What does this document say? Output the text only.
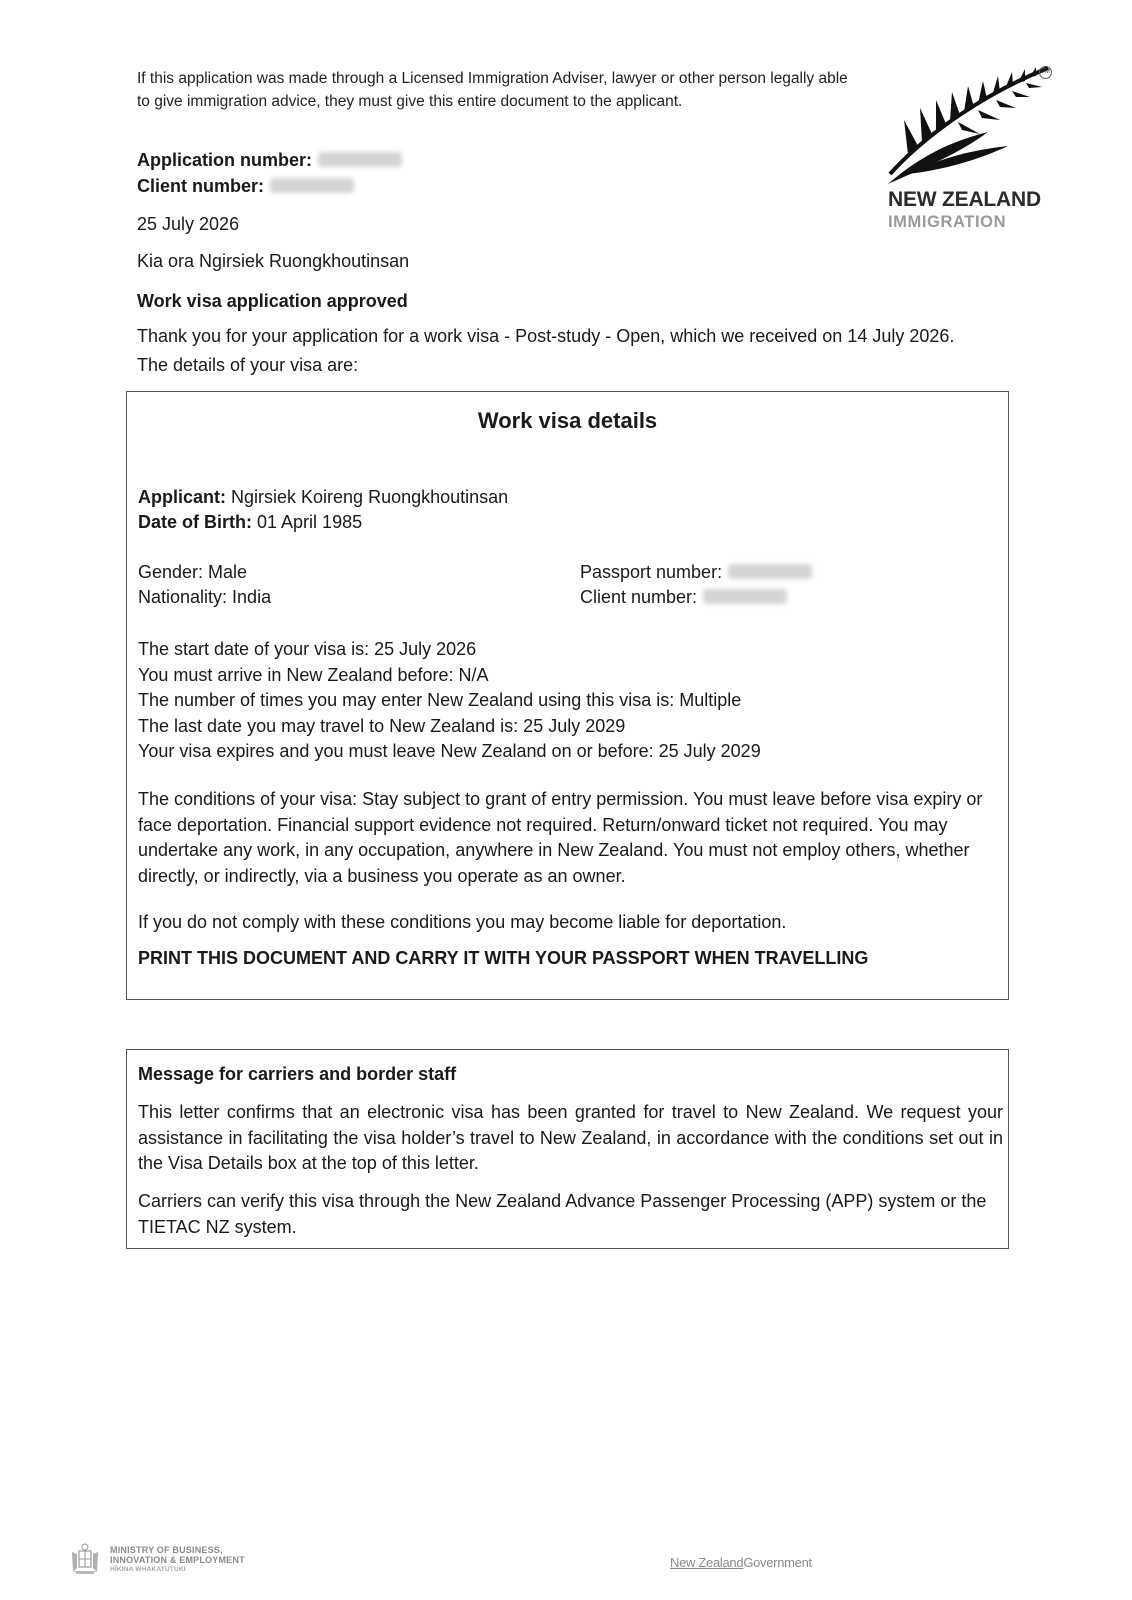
If this application was made through a Licensed Immigration Adviser, lawyer or other person legally able to give immigration advice, they must give this entire document to the applicant.
TM
NEW ZEALAND
IMMIGRATION
Application number:
Client number:
25 July 2026
Kia ora Ngirsiek Ruongkhoutinsan
Work visa application approved
Thank you for your application for a work visa - Post-study - Open, which we received on 14 July 2026. The details of your visa are:
Work visa details
Applicant: Ngirsiek Koireng Ruongkhoutinsan
Date of Birth: 01 April 1985
Gender: Male
Nationality: India
Passport number:
Client number:
The start date of your visa is: 25 July 2026
You must arrive in New Zealand before: N/A
The number of times you may enter New Zealand using this visa is: Multiple
The last date you may travel to New Zealand is: 25 July 2029
Your visa expires and you must leave New Zealand on or before: 25 July 2029
The conditions of your visa: Stay subject to grant of entry permission. You must leave before visa expiry or face deportation. Financial support evidence not required. Return/onward ticket not required. You may undertake any work, in any occupation, anywhere in New Zealand. You must not employ others, whether directly, or indirectly, via a business you operate as an owner.
If you do not comply with these conditions you may become liable for deportation.
PRINT THIS DOCUMENT AND CARRY IT WITH YOUR PASSPORT WHEN TRAVELLING
Message for carriers and border staff
This letter confirms that an electronic visa has been granted for travel to New Zealand. We request your assistance in facilitating the visa holder’s travel to New Zealand, in accordance with the conditions set out in the Visa Details box at the top of this letter.
Carriers can verify this visa through the New Zealand Advance Passenger Processing (APP) system or the TIETAC NZ system.
MINISTRY OF BUSINESS,
INNOVATION & EMPLOYMENT
HĪKINA WHAKATUTUKI	New ZealandGovernment
